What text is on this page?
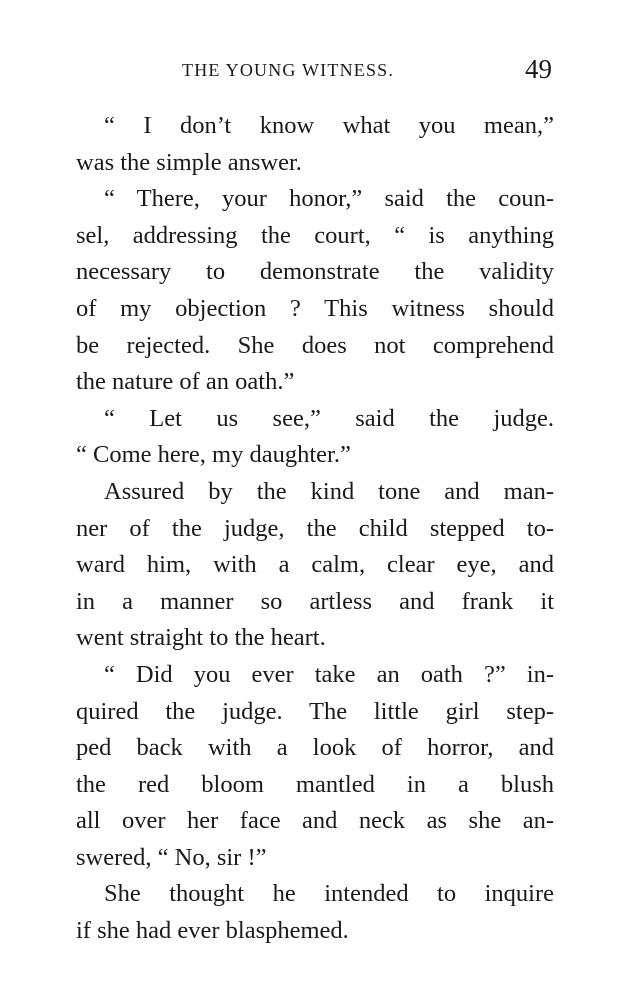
THE YOUNG WITNESS.	49
“ I don’t know what you mean,”
was the simple answer.
“ There, your honor,” said the coun-
sel, addressing the court, “ is anything
necessary to demonstrate the validity
of my objection ? This witness should
be rejected. She does not comprehend
the nature of an oath.”
“ Let us see,” said the judge.
“ Come here, my daughter.”
Assured by the kind tone and man-
ner of the judge, the child stepped to-
ward him, with a calm, clear eye, and
in a manner so artless and frank it
went straight to the heart.
“ Did you ever take an oath ?” in-
quired the judge. The little girl step-
ped back with a look of horror, and
the red bloom mantled in a blush
all over her face and neck as she an-
swered, “ No, sir !”
She thought he intended to inquire
if she had ever blasphemed.
